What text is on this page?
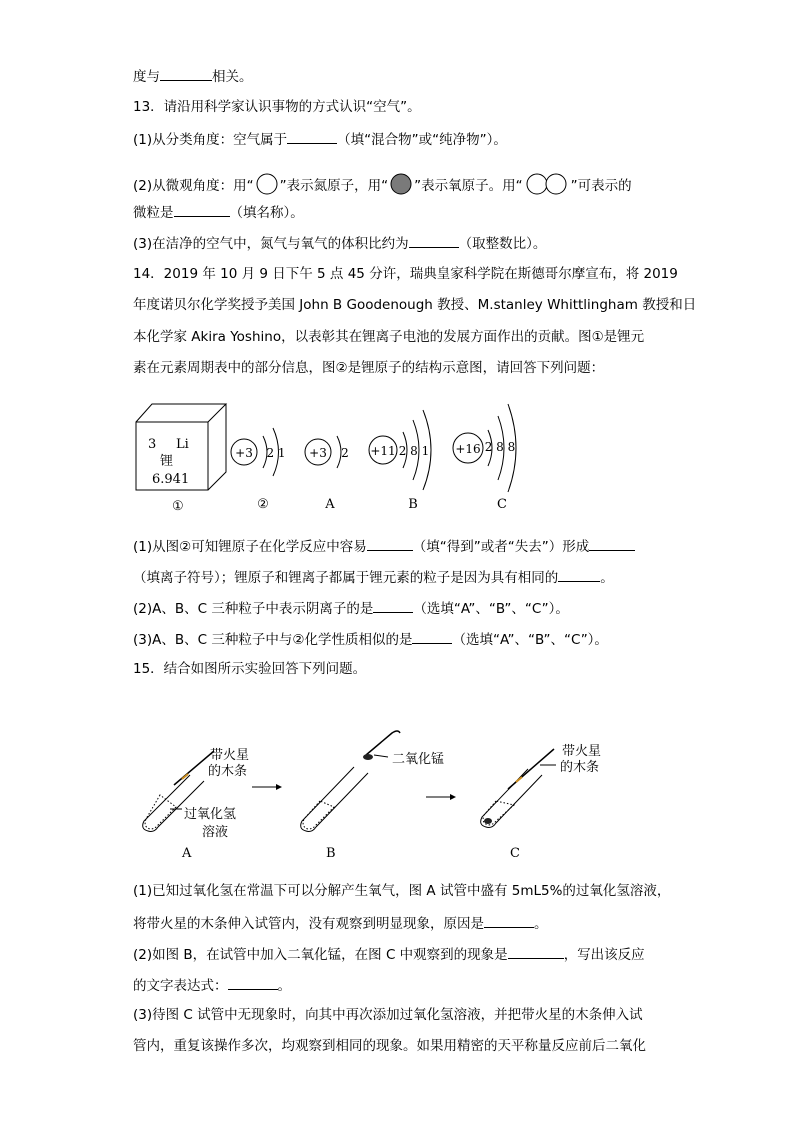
度与	相关。
13．请沿用科学家认识事物的方式认识“空气”。
(1)从分类角度：空气属于	（填“混合物”或“纯净物”）。
(2)从微观角度：用“ ”表示氮原子，用“ ”表示氧原子。用“	”可表示的
微粒是	（填名称）。
(3)在洁净的空气中，氮气与氧气的体积比约为	（取整数比）。
14．2019 年 10 月 9 日下午 5 点 45 分许，瑞典皇家科学院在斯德哥尔摩宣布，将 2019
年度诺贝尔化学奖授予美国 John B Goodenough 教授、M.stanley Whittlingham 教授和日
本化学家 Akira Yoshino，以表彰其在锂离子电池的发展方面作出的贡献。图①是锂元
素在元素周期表中的部分信息，图②是锂原子的结构示意图，请回答下列问题：
3 Li
锂
6.941
①
+3 2 1
②
+3 2
A
+11 2 8 1
B
+16 2 8 8
C
(1)从图②可知锂原子在化学反应中容易	（填“得到”或者“失去”）形成
（填离子符号）；锂原子和锂离子都属于锂元素的粒子是因为具有相同的	。
(2)A、B、C 三种粒子中表示阴离子的是	（选填“A”、“B”、“C”）。
(3)A、B、C 三种粒子中与②化学性质相似的是	（选填“A”、“B”、“C”）。
15．结合如图所示实验回答下列问题。
带火星
的木条
过氧化氢
溶液
A
二氧化锰
B
带火星
的木条
C
(1)已知过氧化氢在常温下可以分解产生氧气，图 A 试管中盛有 5mL5%的过氧化氢溶液，
将带火星的木条伸入试管内，没有观察到明显现象，原因是	。
(2)如图 B，在试管中加入二氧化锰，在图 C 中观察到的现象是	，写出该反应
的文字表达式：	。
(3)待图 C 试管中无现象时，向其中再次添加过氧化氢溶液，并把带火星的木条伸入试
管内，重复该操作多次，均观察到相同的现象。如果用精密的天平称量反应前后二氧化
